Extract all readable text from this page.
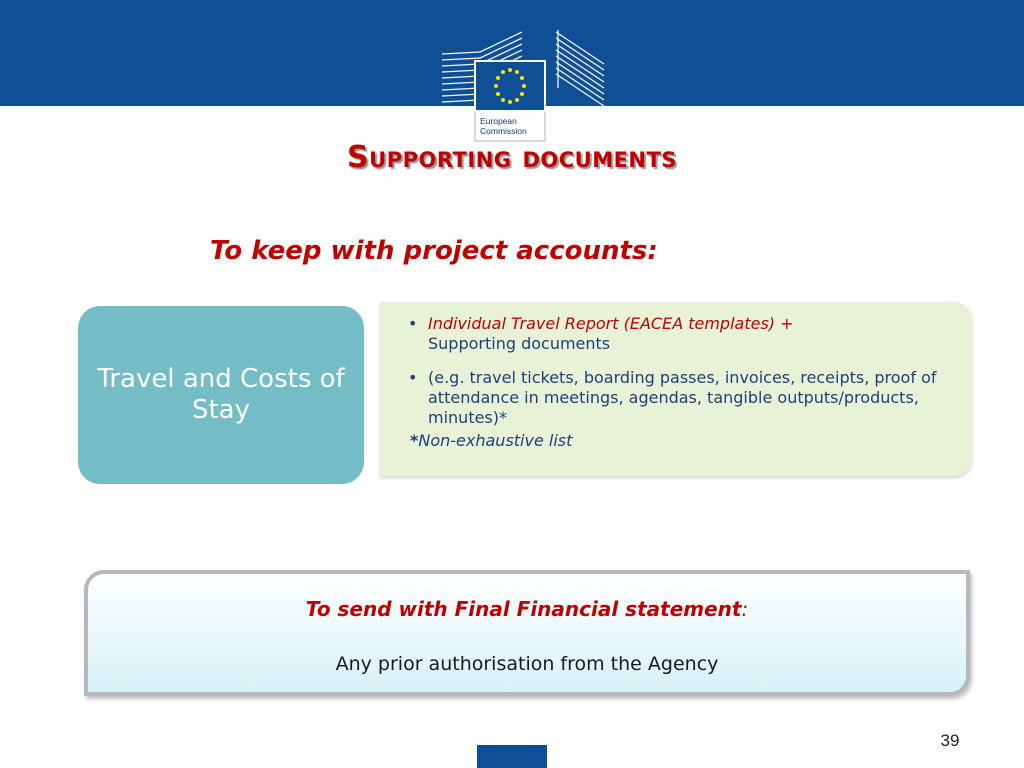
European
Commission
Supporting documents
To keep with project accounts:
Travel and Costs of Stay
• Individual Travel Report (EACEA templates) +
Supporting documents
• (e.g. travel tickets, boarding passes, invoices, receipts, proof of attendance in meetings, agendas, tangible outputs/products, minutes)*
*Non-exhaustive list
To send with Final Financial statement:
Any prior authorisation from the Agency
39
